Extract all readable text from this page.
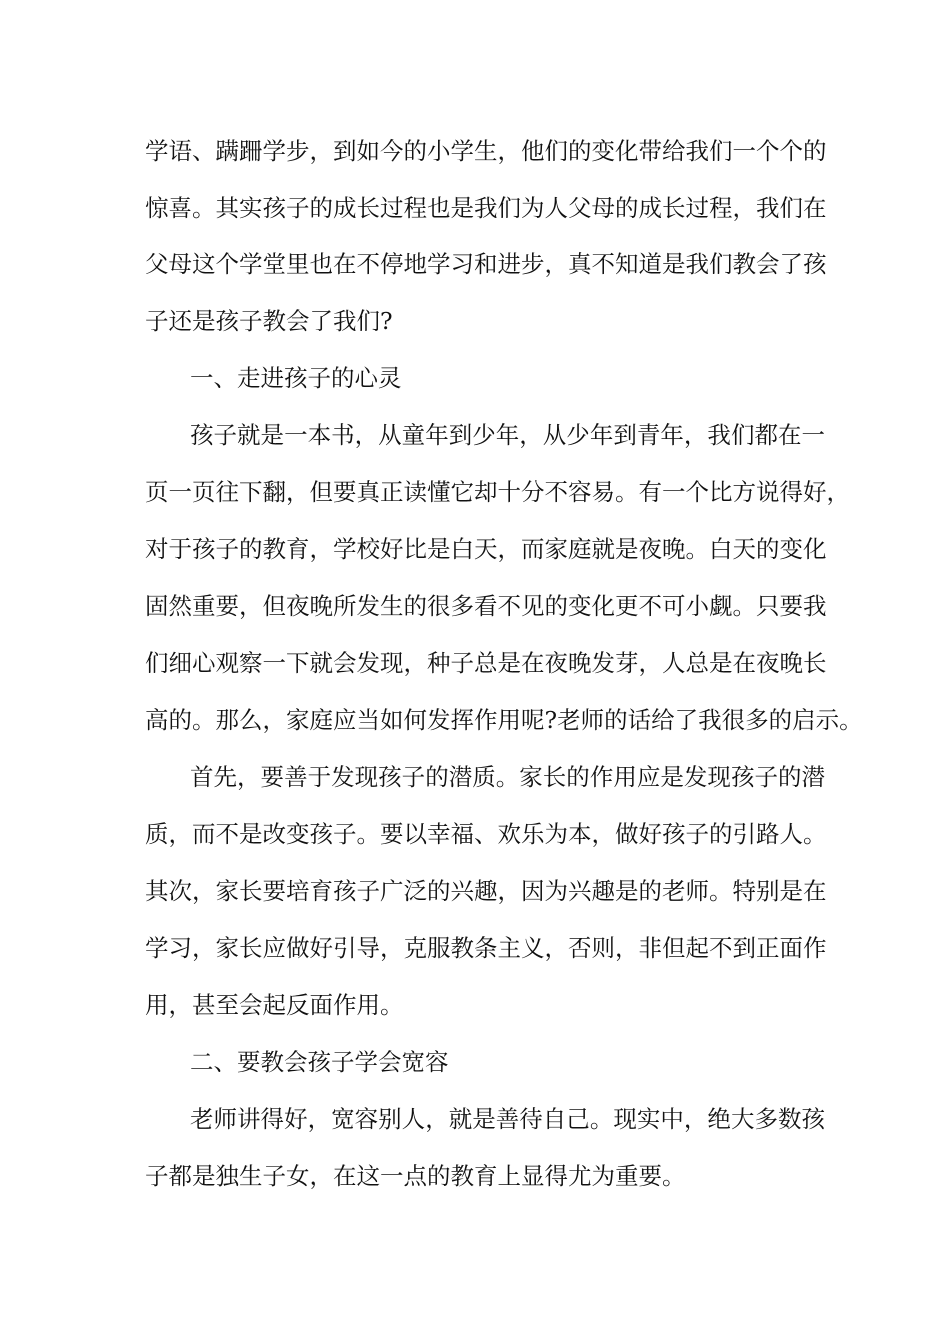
学语、蹒跚学步，到如今的小学生，他们的变化带给我们一个个的
惊喜。其实孩子的成长过程也是我们为人父母的成长过程，我们在
父母这个学堂里也在不停地学习和进步，真不知道是我们教会了孩
子还是孩子教会了我们?
一、走进孩子的心灵
孩子就是一本书，从童年到少年，从少年到青年，我们都在一
页一页往下翻，但要真正读懂它却十分不容易。有一个比方说得好，
对于孩子的教育，学校好比是白天，而家庭就是夜晚。白天的变化
固然重要，但夜晚所发生的很多看不见的变化更不可小觑。只要我
们细心观察一下就会发现，种子总是在夜晚发芽，人总是在夜晚长
高的。那么，家庭应当如何发挥作用呢?老师的话给了我很多的启示。
首先，要善于发现孩子的潜质。家长的作用应是发现孩子的潜
质，而不是改变孩子。要以幸福、欢乐为本，做好孩子的引路人。
其次，家长要培育孩子广泛的兴趣，因为兴趣是的老师。特别是在
学习，家长应做好引导，克服教条主义，否则，非但起不到正面作
用，甚至会起反面作用。
二、要教会孩子学会宽容
老师讲得好，宽容别人，就是善待自己。现实中，绝大多数孩
子都是独生子女，在这一点的教育上显得尤为重要。
